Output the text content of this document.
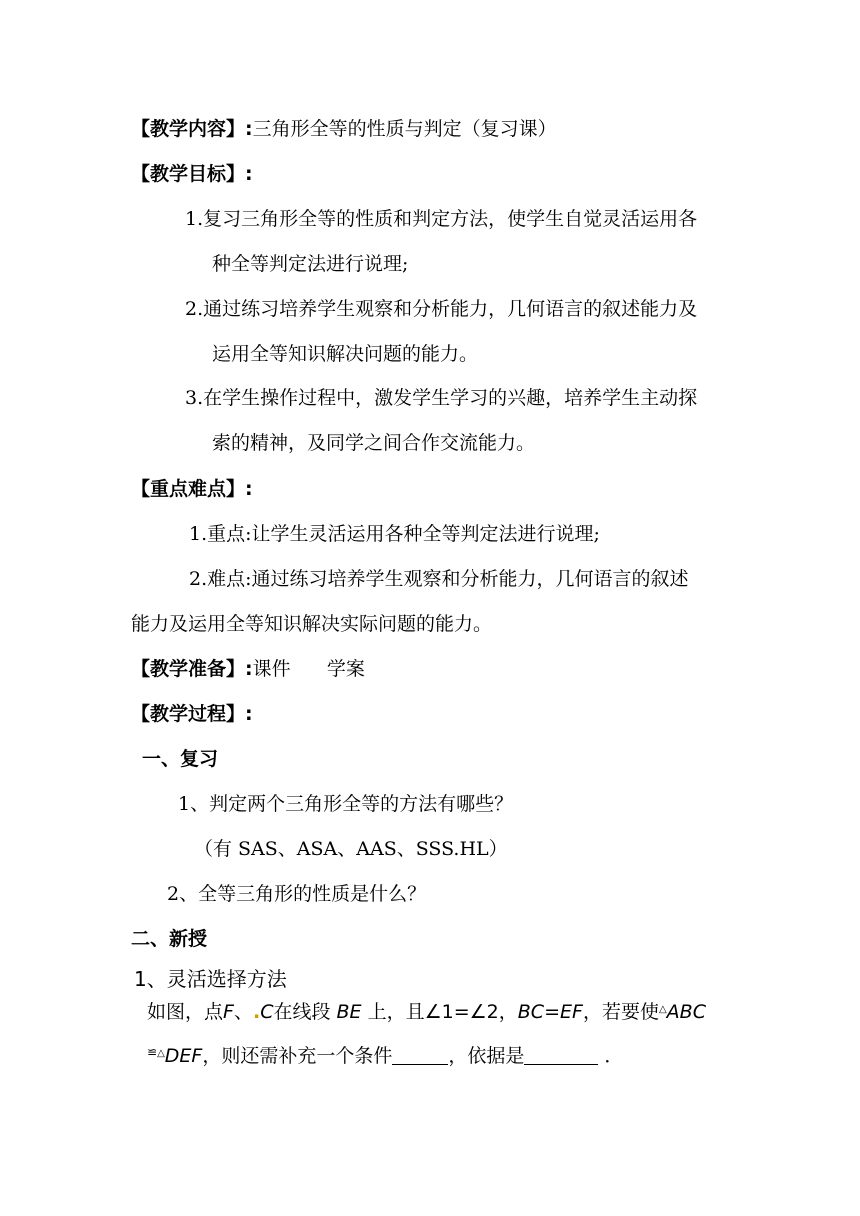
【教学内容】:三角形全等的性质与判定（复习课）
【教学目标】:
1.复习三角形全等的性质和判定方法，使学生自觉灵活运用各
种全等判定法进行说理;
2.通过练习培养学生观察和分析能力，几何语言的叙述能力及
运用全等知识解决问题的能力。
3.在学生操作过程中，激发学生学习的兴趣，培养学生主动探
索的精神，及同学之间合作交流能力。
【重点难点】:
1.重点:让学生灵活运用各种全等判定法进行说理;
2.难点:通过练习培养学生观察和分析能力，几何语言的叙述
能力及运用全等知识解决实际问题的能力。
【教学准备】:课件      学案
【教学过程】:
一、复习
1、判定两个三角形全等的方法有哪些？
（有 SAS、ASA、AAS、SSS.HL）
2、全等三角形的性质是什么？
二、新授
1、灵活选择方法
如图，点F、.C在线段 BE 上，且∠1=∠2，BC=EF，若要使△ABC
≌△DEF，则还需补充一个条件	，依据是	．
